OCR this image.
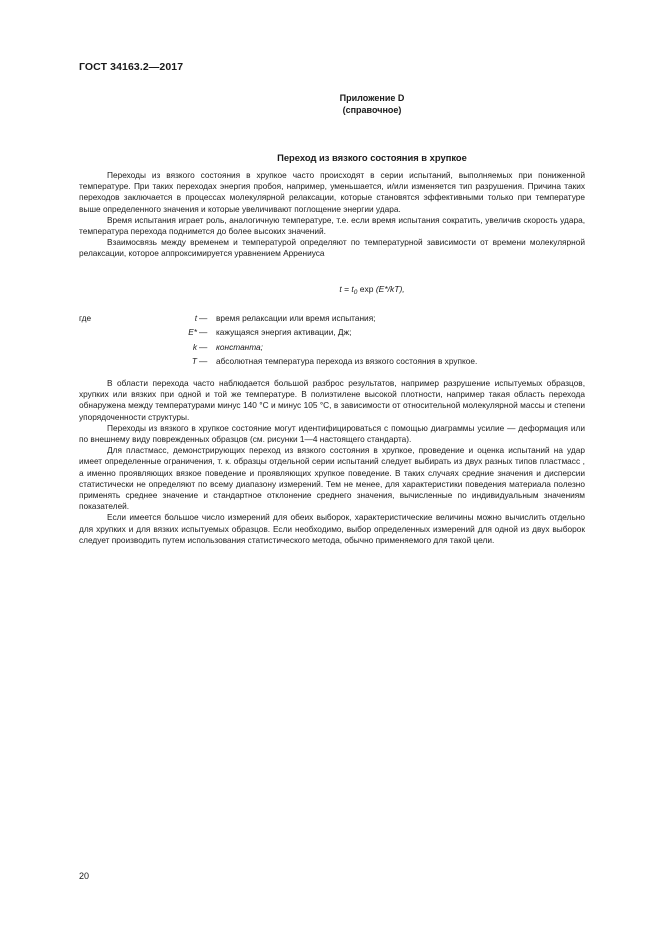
ГОСТ 34163.2—2017
Приложение D
(справочное)
Переход из вязкого состояния в хрупкое

Переходы из вязкого состояния в хрупкое часто происходят в серии испытаний, выполняемых при пониженной температуре. При таких переходах энергия пробоя, например, уменьшается, и/или изменяется тип разрушения. Причина таких переходов заключается в процессах молекулярной релаксации, которые становятся эффективными только при температуре выше определенного значения и которые увеличивают поглощение энергии удара.

Время испытания играет роль, аналогичную температуре, т.е. если время испытания сократить, увеличив скорость удара, температура перехода поднимется до более высоких значений.

Взаимосвязь между временем и температурой определяют по температурной зависимости от времени молекулярной релаксации, которое аппроксимируется уравнением Аррениуса

$t = t_0$ exp (E*/kT),
где	t — время релаксации или время испытания;
E* — кажущаяся энергия активации, Дж;
k — константа;
T — абсолютная температура перехода из вязкого состояния в хрупкое.

В области перехода часто наблюдается большой разброс результатов, например разрушение испытуемых образцов, хрупких или вязких при одной и той же температуре. В полиэтилене высокой плотности, например такая область перехода обнаружена между температурами минус 140 °С и минус 105 °С, в зависимости от относительной молекулярной массы и степени упорядоченности структуры.

Переходы из вязкого в хрупкое состояние могут идентифицироваться с помощью диаграммы усилие — деформация или по внешнему виду поврежденных образцов (см. рисунки 1—4 настоящего стандарта).

Для пластмасс, демонстрирующих переход из вязкого состояния в хрупкое, проведение и оценка испытаний на удар имеет определенные ограничения, т. к. образцы отдельной серии испытаний следует выбирать из двух разных типов пластмасс , а именно проявляющих вязкое поведение и проявляющих хрупкое поведение. В таких случаях средние значения и дисперсии статистически не определяют по всему диапазону измерений. Тем не менее, для характеристики поведения материала полезно применять среднее значение и стандартное отклонение среднего значения, вычисленные по индивидуальным значениям показателей.

Если имеется большое число измерений для обеих выборок, характеристические величины можно вычислить отдельно для хрупких и для вязких испытуемых образцов. Если необходимо, выбор определенных измерений для одной из двух выборок следует производить путем использования статистического метода, обычно применяемого для такой цели.

20
